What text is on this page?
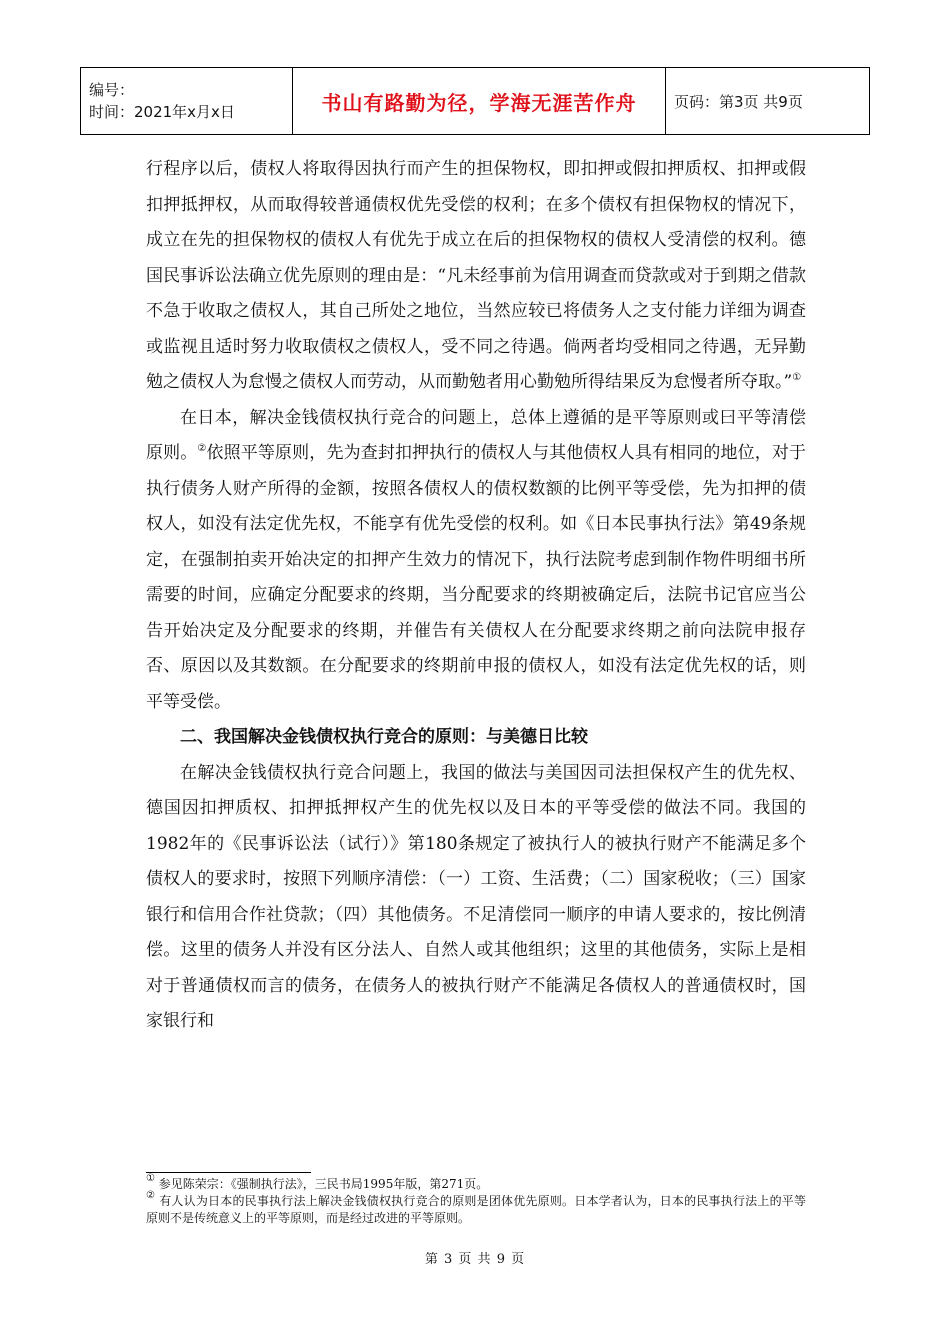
编号：
时间：2021年x月x日	书山有路勤为径，学海无涯苦作舟	页码：第3页 共9页

行程序以后，债权人将取得因执行而产生的担保物权，即扣押或假扣押质权、扣押或假扣押抵押权，从而取得较普通债权优先受偿的权利；在多个债权有担保物权的情况下，成立在先的担保物权的债权人有优先于成立在后的担保物权的债权人受清偿的权利。德国民事诉讼法确立优先原则的理由是：“凡未经事前为信用调查而贷款或对于到期之借款不急于收取之债权人，其自己所处之地位，当然应较已将债务人之支付能力详细为调查或监视且适时努力收取债权之债权人，受不同之待遇。倘两者均受相同之待遇，无异勤勉之债权人为怠慢之债权人而劳动，从而勤勉者用心勤勉所得结果反为怠慢者所夺取。”①

在日本，解决金钱债权执行竞合的问题上，总体上遵循的是平等原则或曰平等清偿原则。②依照平等原则，先为查封扣押执行的债权人与其他债权人具有相同的地位，对于执行债务人财产所得的金额，按照各债权人的债权数额的比例平等受偿，先为扣押的债权人，如没有法定优先权，不能享有优先受偿的权利。如《日本民事执行法》第49条规定，在强制拍卖开始决定的扣押产生效力的情况下，执行法院考虑到制作物件明细书所需要的时间，应确定分配要求的终期，当分配要求的终期被确定后，法院书记官应当公告开始决定及分配要求的终期，并催告有关债权人在分配要求终期之前向法院申报存否、原因以及其数额。在分配要求的终期前申报的债权人，如没有法定优先权的话，则平等受偿。

二、我国解决金钱债权执行竞合的原则：与美德日比较

在解决金钱债权执行竞合问题上，我国的做法与美国因司法担保权产生的优先权、德国因扣押质权、扣押抵押权产生的优先权以及日本的平等受偿的做法不同。我国的1982年的《民事诉讼法（试行）》第180条规定了被执行人的被执行财产不能满足多个债权人的要求时，按照下列顺序清偿：（一）工资、生活费；（二）国家税收；（三）国家银行和信用合作社贷款；（四）其他债务。不足清偿同一顺序的申请人要求的，按比例清偿。这里的债务人并没有区分法人、自然人或其他组织；这里的其他债务，实际上是相对于普通债权而言的债务，在债务人的被执行财产不能满足各债权人的普通债权时，国家银行和

① 参见陈荣宗：《强制执行法》，三民书局1995年版，第271页。

② 有人认为日本的民事执行法上解决金钱债权执行竞合的原则是团体优先原则。日本学者认为，日本的民事执行法上的平等原则不是传统意义上的平等原则，而是经过改进的平等原则。

第 3 页 共 9 页
